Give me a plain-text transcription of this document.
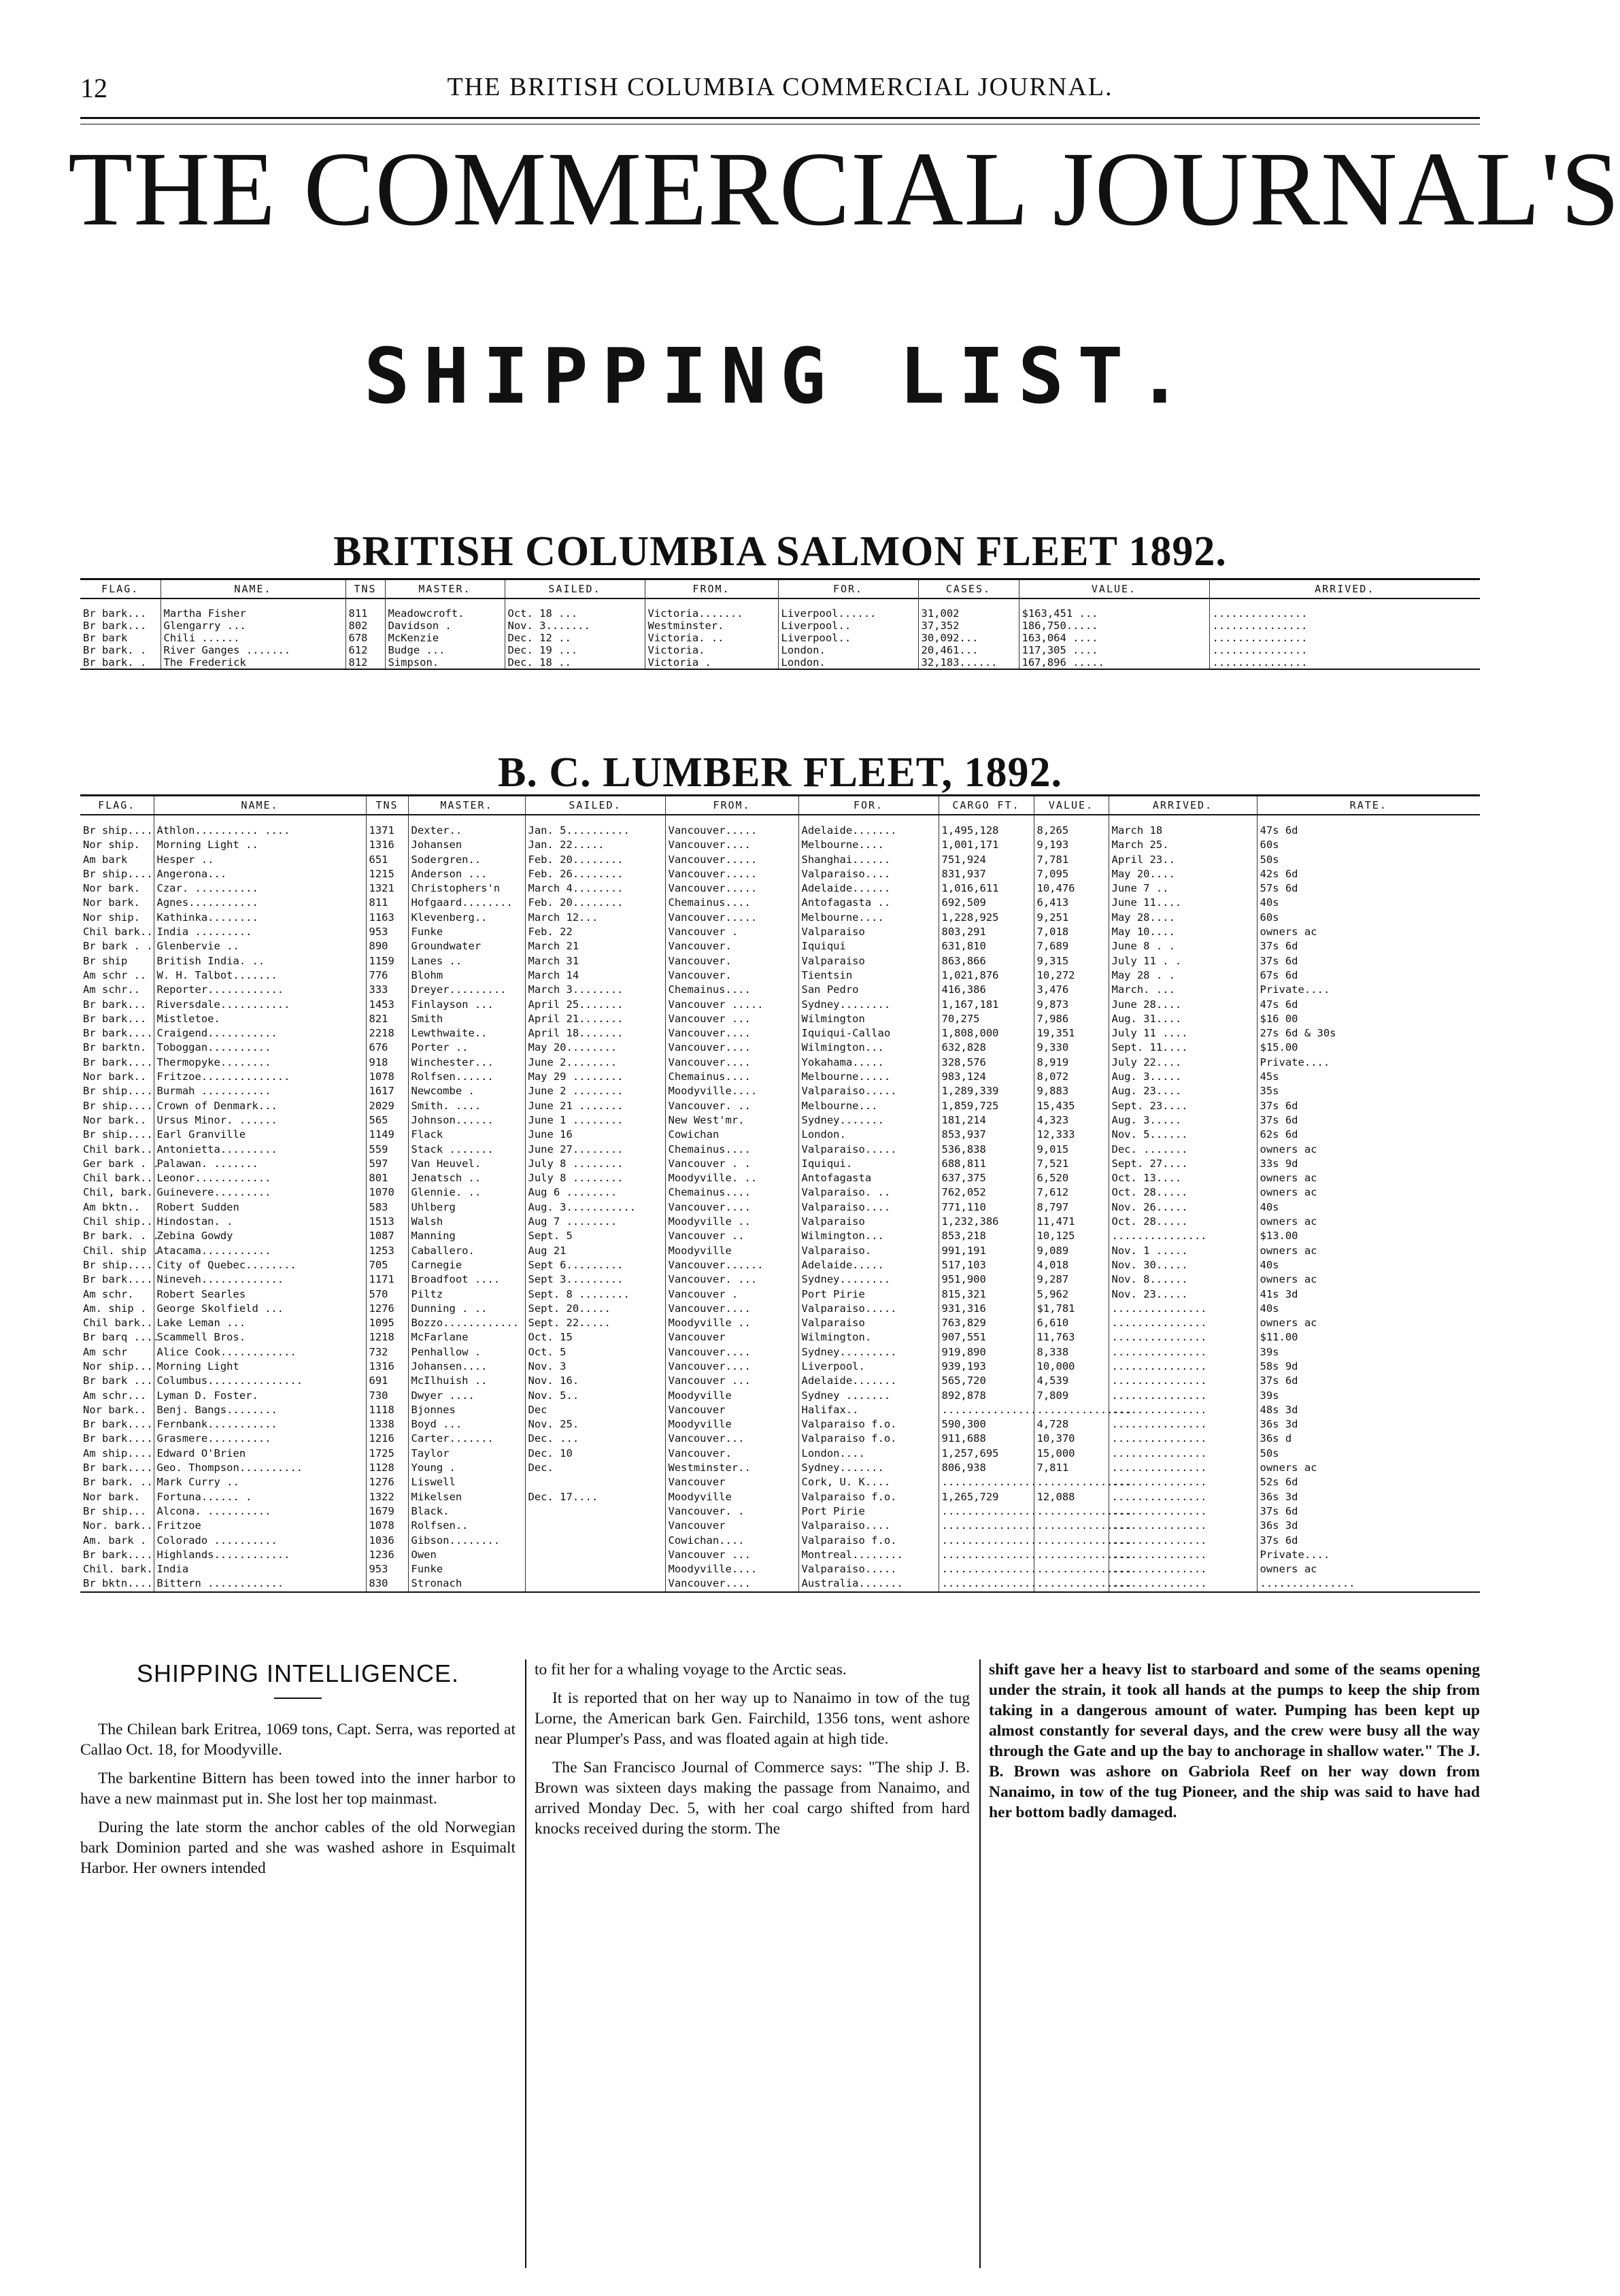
12	THE BRITISH COLUMBIA COMMERCIAL JOURNAL.
THE COMMERCIAL JOURNAL'S
SHIPPING LIST.
BRITISH COLUMBIA SALMON FLEET 1892.
FLAG.	NAME.	TNS	MASTER.	SAILED.	FROM.	FOR.	CASES.	VALUE.	ARRIVED.
Br bark...	Martha Fisher	811	Meadowcroft.	Oct. 18 ...	Victoria.......	Liverpool......	31,002	$163,451 ...	...............
Br bark...	Glengarry ...	802	Davidson .	Nov. 3.......	Westminster.	Liverpool..	37,352	186,750.....	...............
Br bark	Chili ......	678	McKenzie	Dec. 12 ..	Victoria. ..	Liverpool..	30,092...	163,064 ....	...............
Br bark. .	River Ganges .......	612	Budge ...	Dec. 19 ...	Victoria.	London.	20,461...	117,305 ....	...............
Br bark. .	The Frederick	812	Simpson.	Dec. 18 ..	Victoria .	London.	32,183......	167,896 .....	...............
B. C. LUMBER FLEET, 1892.
FLAG.	NAME.	TNS	MASTER.	SAILED.	FROM.	FOR.	CARGO FT.	VALUE.	ARRIVED.	RATE.
Br ship....	Athlon.......... ....	1371	Dexter..	Jan. 5..........	Vancouver.....	Adelaide.......	1,495,128	8,265	March 18	47s 6d
Nor ship.	Morning Light ..	1316	Johansen	Jan. 22.....	Vancouver....	Melbourne....	1,001,171	9,193	March 25.	60s
Am bark	Hesper ..	651	Sodergren..	Feb. 20........	Vancouver.....	Shanghai......	751,924	7,781	April 23..	50s
Br ship....	Angerona...	1215	Anderson ...	Feb. 26........	Vancouver.....	Valparaiso....	831,937	7,095	May 20....	42s 6d
Nor bark.	Czar. ..........	1321	Christophers'n	March 4........	Vancouver.....	Adelaide......	1,016,611	10,476	June 7 ..	57s 6d
Nor bark.	Agnes...........	811	Hofgaard........	Feb. 20........	Chemainus....	Antofagasta ..	692,509	6,413	June 11....	40s
Nor ship.	Kathinka........	1163	Klevenberg..	March 12...	Vancouver.....	Melbourne....	1,228,925	9,251	May 28....	60s
Chil bark..	India .........	953	Funke	Feb. 22	Vancouver .	Valparaiso	803,291	7,018	May 10....	owners ac
Br bark . .	Glenbervie ..	890	Groundwater	March 21	Vancouver.	Iquiqui	631,810	7,689	June 8 . .	37s 6d
Br ship	British India. ..	1159	Lanes ..	March 31	Vancouver.	Valparaiso	863,866	9,315	July 11 . .	37s 6d
Am schr ..	W. H. Talbot.......	776	Blohm	March 14	Vancouver.	Tientsin	1,021,876	10,272	May 28 . .	67s 6d
Am schr..	Reporter............	333	Dreyer.........	March 3........	Chemainus....	San Pedro	416,386	3,476	March. ...	Private....
Br bark...	Riversdale...........	1453	Finlayson ...	April 25.......	Vancouver .....	Sydney........	1,167,181	9,873	June 28....	47s 6d
Br bark...	Mistletoe.	821	Smith	April 21.......	Vancouver ...	Wilmington	70,275	7,986	Aug. 31....	$16 00
Br bark....	Craigend...........	2218	Lewthwaite..	April 18.......	Vancouver....	Iquiqui-Callao	1,808,000	19,351	July 11 ....	27s 6d & 30s
Br barktn.	Toboggan..........	676	Porter ..	May 20........	Vancouver....	Wilmington...	632,828	9,330	Sept. 11....	$15.00
Br bark....	Thermopyke........	918	Winchester...	June 2........	Vancouver....	Yokahama.....	328,576	8,919	July 22....	Private....
Nor bark..	Fritzoe..............	1078	Rolfsen......	May 29 ........	Chemainus....	Melbourne.....	983,124	8,072	Aug. 3.....	45s
Br ship....	Burmah ...........	1617	Newcombe .	June 2 ........	Moodyville....	Valparaiso.....	1,289,339	9,883	Aug. 23....	35s
Br ship....	Crown of Denmark...	2029	Smith. ....	June 21 .......	Vancouver. ..	Melbourne...	1,859,725	15,435	Sept. 23....	37s 6d
Nor bark..	Ursus Minor. ......	565	Johnson......	June 1 ........	New West'mr.	Sydney.......	181,214	4,323	Aug. 3.....	37s 6d
Br ship....	Earl Granville	1149	Flack	June 16	Cowichan	London.	853,937	12,333	Nov. 5......	62s 6d
Chil bark..	Antonietta.........	559	Stack .......	June 27........	Chemainus....	Valparaiso.....	536,838	9,015	Dec. .......	owners ac
Ger bark . .	Palawan. .......	597	Van Heuvel.	July 8 ........	Vancouver . .	Iquiqui.	688,811	7,521	Sept. 27....	33s 9d
Chil bark..	Leonor............	801	Jenatsch ..	July 8 ........	Moodyville. ..	Antofagasta	637,375	6,520	Oct. 13....	owners ac
Chil, bark.	Guinevere.........	1070	Glennie. ..	Aug 6 ........	Chemainus....	Valparaiso. ..	762,052	7,612	Oct. 28.....	owners ac
Am bktn..	Robert Sudden	583	Uhlberg	Aug. 3...........	Vancouver....	Valparaiso....	771,110	8,797	Nov. 26.....	40s
Chil ship..	Hindostan. .	1513	Walsh	Aug 7 ........	Moodyville ..	Valparaiso	1,232,386	11,471	Oct. 28.....	owners ac
Br bark. . .	Zebina Gowdy	1087	Manning	Sept. 5	Vancouver ..	Wilmington...	853,218	10,125	...............	$13.00
Chil. ship .	Atacama...........	1253	Caballero.	Aug 21	Moodyville	Valparaiso.	991,191	9,089	Nov. 1 .....	owners ac
Br ship....	City of Quebec........	705	Carnegie	Sept 6.........	Vancouver......	Adelaide.....	517,103	4,018	Nov. 30.....	40s
Br bark....	Nineveh.............	1171	Broadfoot ....	Sept 3.........	Vancouver. ...	Sydney........	951,900	9,287	Nov. 8......	owners ac
Am schr.	Robert Searles	570	Piltz	Sept. 8 ........	Vancouver .	Port Pirie	815,321	5,962	Nov. 23.....	41s 3d
Am. ship .	George Skolfield ...	1276	Dunning . ..	Sept. 20.....	Vancouver....	Valparaiso.....	931,316	$1,781	...............	40s
Chil bark..	Lake Leman ...	1095	Bozzo............	Sept. 22.....	Moodyville ..	Valparaiso	763,829	6,610	...............	owners ac
Br barq ....	Scammell Bros.	1218	McFarlane	Oct. 15	Vancouver	Wilmington.	907,551	11,763	...............	$11.00
Am schr	Alice Cook............	732	Penhallow .	Oct. 5	Vancouver....	Sydney.........	919,890	8,338	...............	39s
Nor ship...	Morning Light	1316	Johansen....	Nov. 3	Vancouver....	Liverpool.	939,193	10,000	...............	58s 9d
Br bark ...	Columbus...............	691	McIlhuish ..	Nov. 16.	Vancouver ...	Adelaide.......	565,720	4,539	...............	37s 6d
Am schr...	Lyman D. Foster.	730	Dwyer ....	Nov. 5..	Moodyville	Sydney .......	892,878	7,809	...............	39s
Nor bark..	Benj. Bangs........	1118	Bjonnes	Dec	Vancouver	Halifax..	...............	...............	...............	48s 3d
Br bark....	Fernbank...........	1338	Boyd ...	Nov. 25.	Moodyville	Valparaiso f.o.	590,300	4,728	...............	36s 3d
Br bark....	Grasmere..........	1216	Carter.......	Dec. ...	Vancouver...	Valparaiso f.o.	911,688	10,370	...............	36s d
Am ship....	Edward O'Brien	1725	Taylor	Dec. 10	Vancouver.	London....	1,257,695	15,000	...............	50s
Br bark....	Geo. Thompson..........	1128	Young .	Dec.	Westminster..	Sydney.......	806,938	7,811	...............	owners ac
Br bark. ..	Mark Curry ..	1276	Liswell		Vancouver	Cork, U. K....	...............	...............	...............	52s 6d
Nor bark.	Fortuna...... .	1322	Mikelsen	Dec. 17....	Moodyville	Valparaiso f.o.	1,265,729	12,088	...............	36s 3d
Br ship...	Alcona. ..........	1679	Black.		Vancouver. .	Port Pirie	...............	...............	...............	37s 6d
Nor. bark..	Fritzoe	1078	Rolfsen..		Vancouver	Valparaiso....	...............	...............	...............	36s 3d
Am. bark .	Colorado ..........	1036	Gibson........		Cowichan....	Valparaiso f.o.	...............	...............	...............	37s 6d
Br bark....	Highlands............	1236	Owen		Vancouver ...	Montreal........	...............	...............	...............	Private....
Chil. bark.	India	953	Funke		Moodyville....	Valparaiso.....	...............	...............	...............	owners ac
Br bktn....	Bittern ............	830	Stronach		Vancouver....	Australia.......	...............	...............	...............	...............
SHIPPING INTELLIGENCE.

The Chilean bark Eritrea, 1069 tons, Capt. Serra, was reported at Callao Oct. 18, for Moodyville.

The barkentine Bittern has been towed into the inner harbor to have a new mainmast put in. She lost her top mainmast.

During the late storm the anchor cables of the old Norwegian bark Dominion parted and she was washed ashore in Esquimalt Harbor. Her owners intended

to fit her for a whaling voyage to the Arctic seas.

It is reported that on her way up to Nanaimo in tow of the tug Lorne, the American bark Gen. Fairchild, 1356 tons, went ashore near Plumper's Pass, and was floated again at high tide.

The San Francisco Journal of Commerce says: "The ship J. B. Brown was sixteen days making the passage from Nanaimo, and arrived Monday Dec. 5, with her coal cargo shifted from hard knocks received during the storm. The

shift gave her a heavy list to starboard and some of the seams opening under the strain, it took all hands at the pumps to keep the ship from taking in a dangerous amount of water. Pumping has been kept up almost constantly for several days, and the crew were busy all the way through the Gate and up the bay to anchorage in shallow water." The J. B. Brown was ashore on Gabriola Reef on her way down from Nanaimo, in tow of the tug Pioneer, and the ship was said to have had her bottom badly damaged.
